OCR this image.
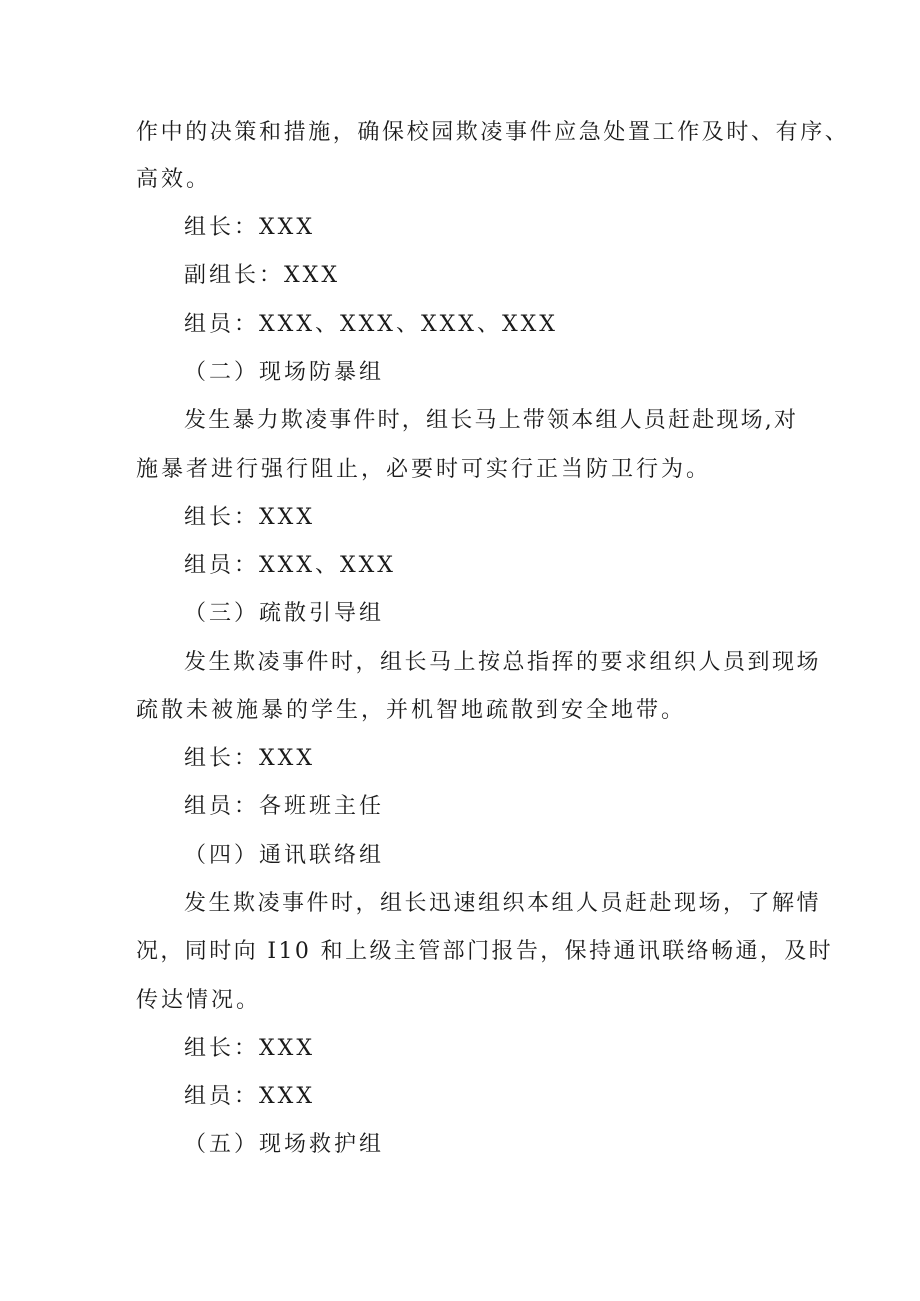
作中的决策和措施，确保校园欺凌事件应急处置工作及时、有序、
高效。
组长：XXX
副组长：XXX
组员：XXX、XXX、XXX、XXX
（二）现场防暴组
发生暴力欺凌事件时，组长马上带领本组人员赶赴现场,对
施暴者进行强行阻止，必要时可实行正当防卫行为。
组长：XXX
组员：XXX、XXX
（三）疏散引导组
发生欺凌事件时，组长马上按总指挥的要求组织人员到现场
疏散未被施暴的学生，并机智地疏散到安全地带。
组长：XXX
组员：各班班主任
（四）通讯联络组
发生欺凌事件时，组长迅速组织本组人员赶赴现场，了解情
况，同时向 I10 和上级主管部门报告，保持通讯联络畅通，及时
传达情况。
组长：XXX
组员：XXX
（五）现场救护组
